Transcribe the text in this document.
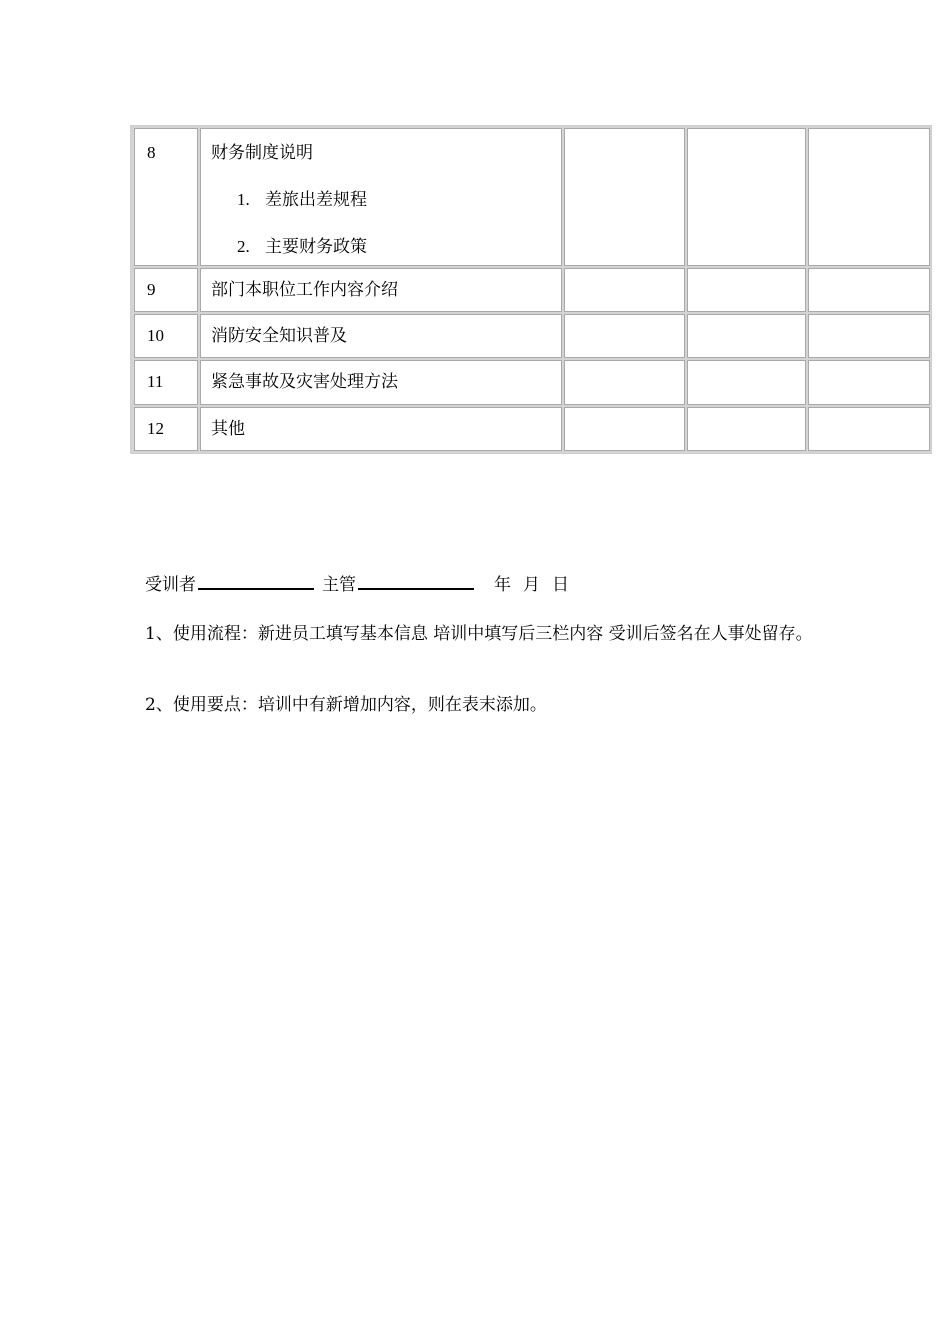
8	财务制度说明
1. 差旅出差规程
2. 主要财务政策
9	部门本职位工作内容介绍
10	消防安全知识普及
11	紧急事故及灾害处理方法
12	其他
受训者	主管	年 月 日
1、使用流程：新进员工填写基本信息 培训中填写后三栏内容 受训后签名在人事处留存。
2、使用要点：培训中有新增加内容，则在表末添加。
